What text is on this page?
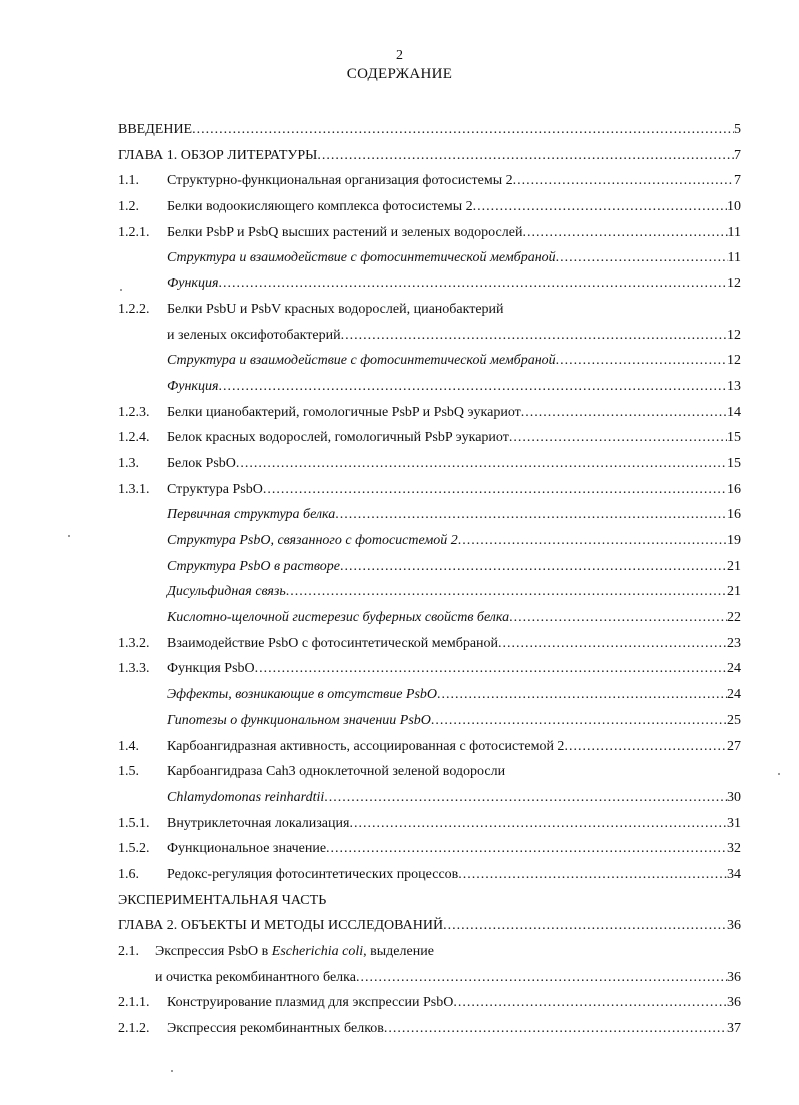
2
СОДЕРЖАНИЕ
ВВЕДЕНИЕ .....	5
ГЛАВА 1. ОБЗОР ЛИТЕРАТУРЫ .....	7
1.1. Структурно-функциональная организация фотосистемы 2 .....	7
1.2. Белки водоокисляющего комплекса фотосистемы 2 .....	10
1.2.1. Белки PsbP и PsbQ высших растений и зеленых водорослей .....	11
Структура и взаимодействие с фотосинтетической мембраной .....	11
Функция .....	12
1.2.2. Белки PsbU и PsbV красных водорослей, цианобактерий
и зеленых оксифотобактерий .....	12
Структура и взаимодействие с фотосинтетической мембраной .....	12
Функция .....	13
1.2.3. Белки цианобактерий, гомологичные PsbP и PsbQ эукариот .....	14
1.2.4. Белок красных водорослей, гомологичный PsbP эукариот .....	15
1.3. Белок PsbO .....	15
1.3.1. Структура PsbO .....	16
Первичная структура белка .....	16
Структура PsbO, связанного с фотосистемой 2 .....	19
Структура PsbO в растворе .....	21
Дисульфидная связь .....	21
Кислотно-щелочной гистерезис буферных свойств белка .....	22
1.3.2. Взаимодействие PsbO с фотосинтетической мембраной .....	23
1.3.3. Функция PsbO .....	24
Эффекты, возникающие в отсутствие PsbO .....	24
Гипотезы о функциональном значении PsbO .....	25
1.4. Карбоангидразная активность, ассоциированная с фотосистемой 2 .....	27
1.5. Карбоангидраза Cah3 одноклеточной зеленой водоросли
Chlamydomonas reinhardtii .....	30
1.5.1. Внутриклеточная локализация .....	31
1.5.2. Функциональное значение .....	32
1.6. Редокс-регуляция фотосинтетических процессов .....	34
ЭКСПЕРИМЕНТАЛЬНАЯ ЧАСТЬ
ГЛАВА 2. ОБЪЕКТЫ И МЕТОДЫ ИССЛЕДОВАНИЙ .....	36
2.1. Экспрессия PsbO в Escherichia coli, выделение
и очистка рекомбинантного белка .....	36
2.1.1. Конструирование плазмид для экспрессии PsbO .....	36
2.1.2. Экспрессия рекомбинантных белков .....	37
